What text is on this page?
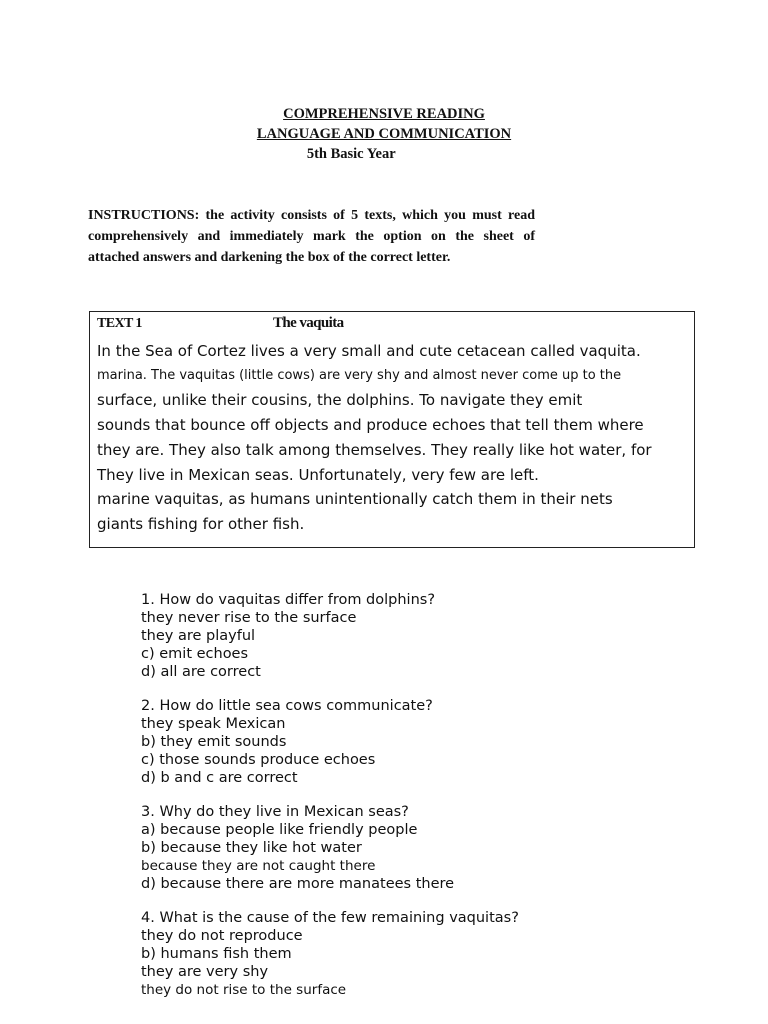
COMPREHENSIVE READING
LANGUAGE AND COMMUNICATION
5th Basic Year
INSTRUCTIONS: the activity consists of 5 texts, which you must read comprehensively and immediately mark the option on the sheet of attached answers and darkening the box of the correct letter.
TEXT 1	The vaquita
In the Sea of Cortez lives a very small and cute cetacean called vaquita.
marina. The vaquitas (little cows) are very shy and almost never come up to the
surface, unlike their cousins, the dolphins. To navigate they emit
sounds that bounce off objects and produce echoes that tell them where
they are. They also talk among themselves. They really like hot water, for
They live in Mexican seas. Unfortunately, very few are left.
marine vaquitas, as humans unintentionally catch them in their nets
giants fishing for other fish.
1. How do vaquitas differ from dolphins?
they never rise to the surface
they are playful
c) emit echoes
d) all are correct
2. How do little sea cows communicate?
they speak Mexican
b) they emit sounds
c) those sounds produce echoes
d) b and c are correct
3. Why do they live in Mexican seas?
a) because people like friendly people
b) because they like hot water
because they are not caught there
d) because there are more manatees there
4. What is the cause of the few remaining vaquitas?
they do not reproduce
b) humans fish them
they are very shy
they do not rise to the surface
